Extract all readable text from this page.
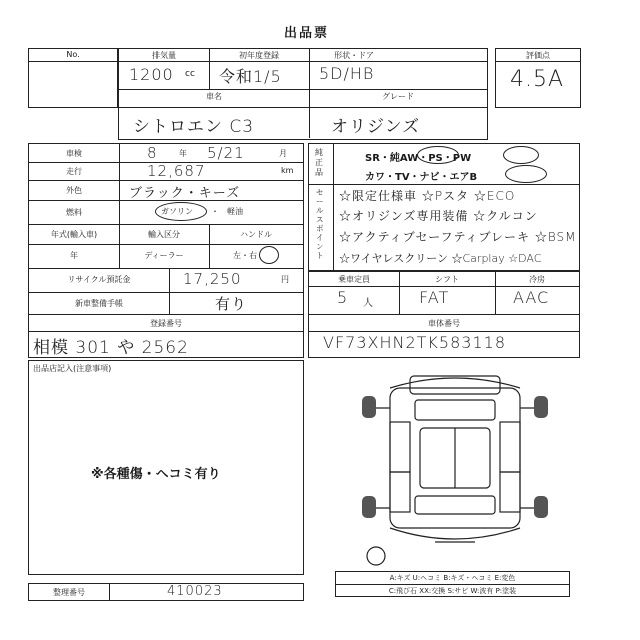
出品票
No.	排気量	初年度登録	形状・ドア
1200 cc 令和1/5 5D/HB
車名	グレード
シトロエン C3	オリジンズ
評価点
4.5A
車検	8	年 5/21	月
走行	12,687	km
外色	ブラック・キーズ
燃料	ガソリン ・ 軽油
年式(輸入車)	輸入区分	ハンドル
年	ディーラー	左・右
リサイクル預託金	17,250	円
新車整備手帳	有り
登録番号
相模 301 や 2562
純正品
セールスポイント
SR・純AW・PS・PW
カワ・TV・ナビ・エアB
☆限定仕様車 ☆Pスタ ☆ECO
☆オリジンズ専用装備 ☆クルコン
☆アクティブセーフティブレーキ ☆BSM
☆ワイヤレスクリーン ☆Carplay ☆DAC
乗車定員	シフト	冷房
5 人	FAT	AAC
車体番号
VF73XHN2TK583118
出品店記入(注意事項)
※各種傷・ヘコミ有り
整理番号	410023
A:キズ U:ヘコミ B:キズ・ヘコミ E:変色
C:飛び石 XX:交換 S:サビ W:波有 P:塗装
